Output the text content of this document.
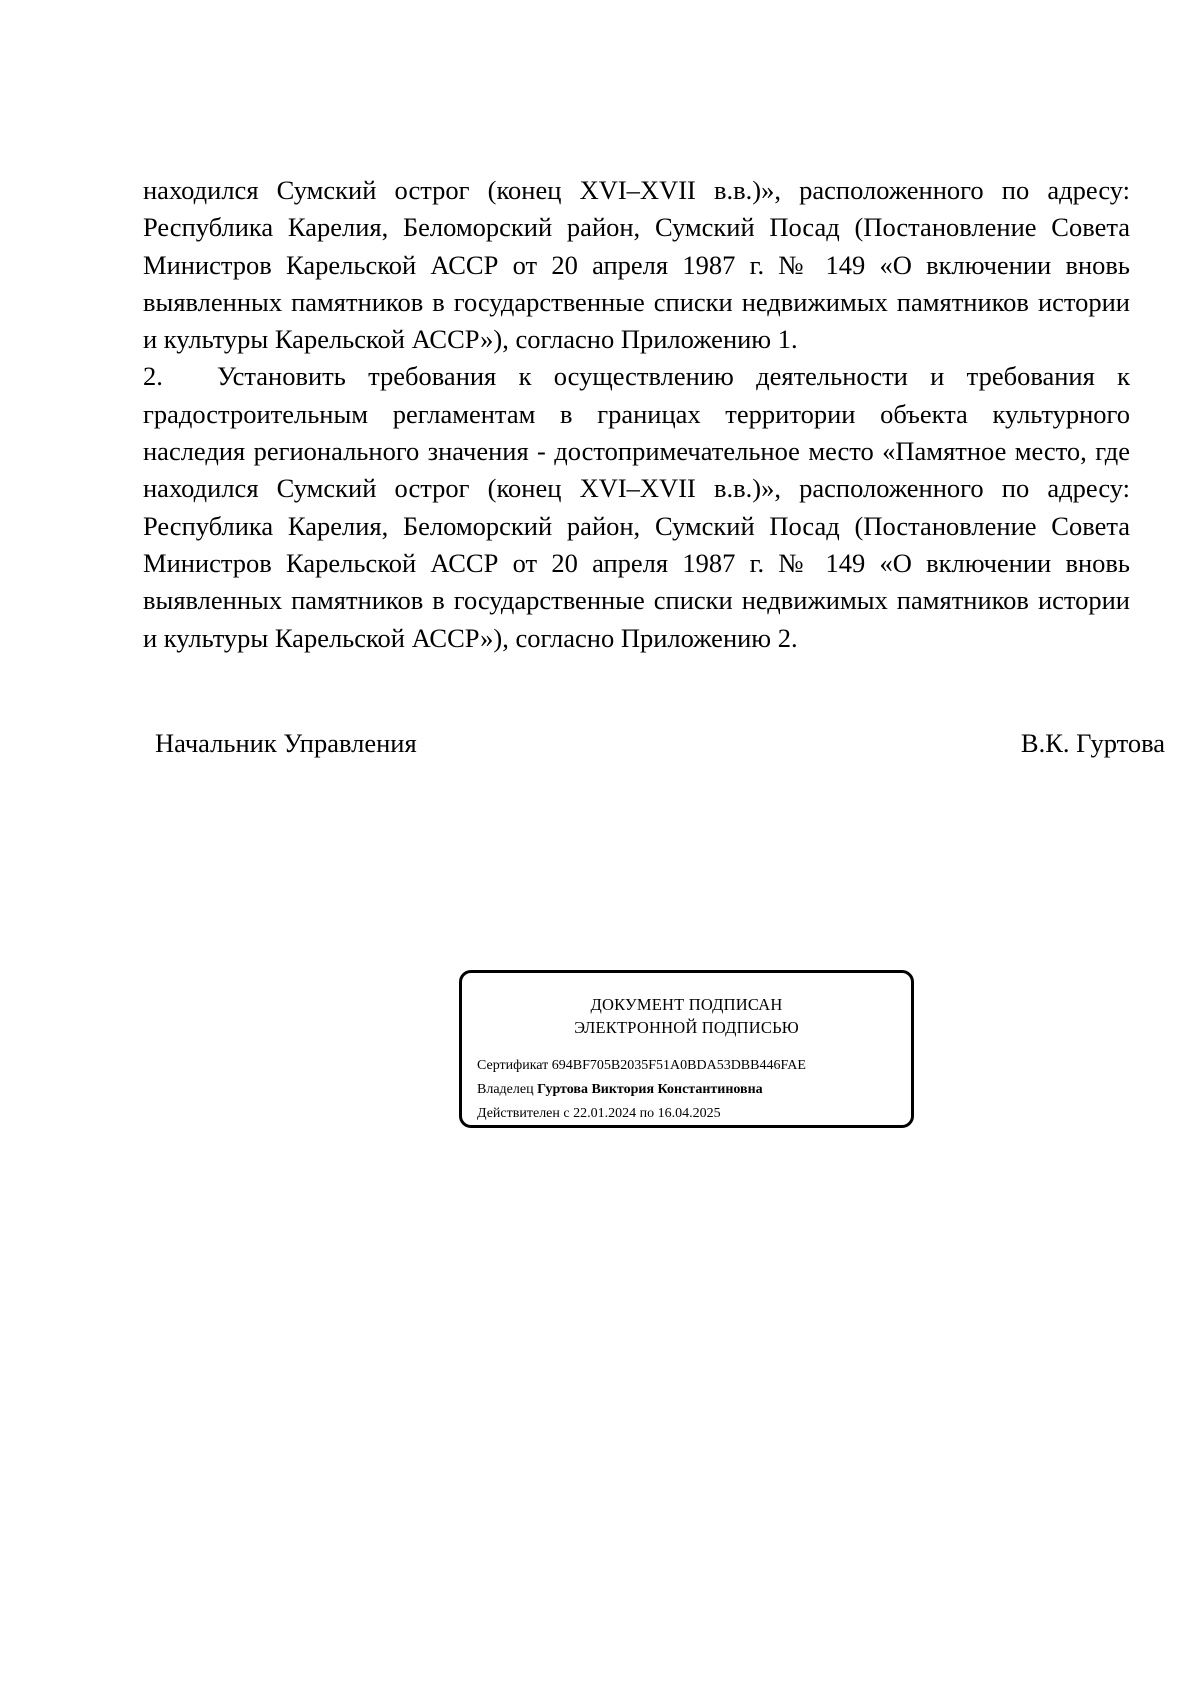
находился Сумский острог (конец XVI–XVII в.в.)», расположенного по адресу: Республика Карелия, Беломорский район, Сумский Посад (Постановление Совета Министров Карельской АССР от 20 апреля 1987 г. № 149 «О включении вновь выявленных памятников в государственные списки недвижимых памятников истории и культуры Карельской АССР»), согласно Приложению 1.

2. Установить требования к осуществлению деятельности и требования к градостроительным регламентам в границах территории объекта культурного наследия регионального значения - достопримечательное место «Памятное место, где находился Сумский острог (конец XVI–XVII в.в.)», расположенного по адресу: Республика Карелия, Беломорский район, Сумский Посад (Постановление Совета Министров Карельской АССР от 20 апреля 1987 г. № 149 «О включении вновь выявленных памятников в государственные списки недвижимых памятников истории и культуры Карельской АССР»), согласно Приложению 2.

Начальник Управления	В.К. Гуртова
ДОКУМЕНТ ПОДПИСАН
ЭЛЕКТРОННОЙ ПОДПИСЬЮ
Сертификат 694BF705B2035F51A0BDA53DBB446FAE
Владелец Гуртова Виктория Константиновна
Действителен с 22.01.2024 по 16.04.2025
